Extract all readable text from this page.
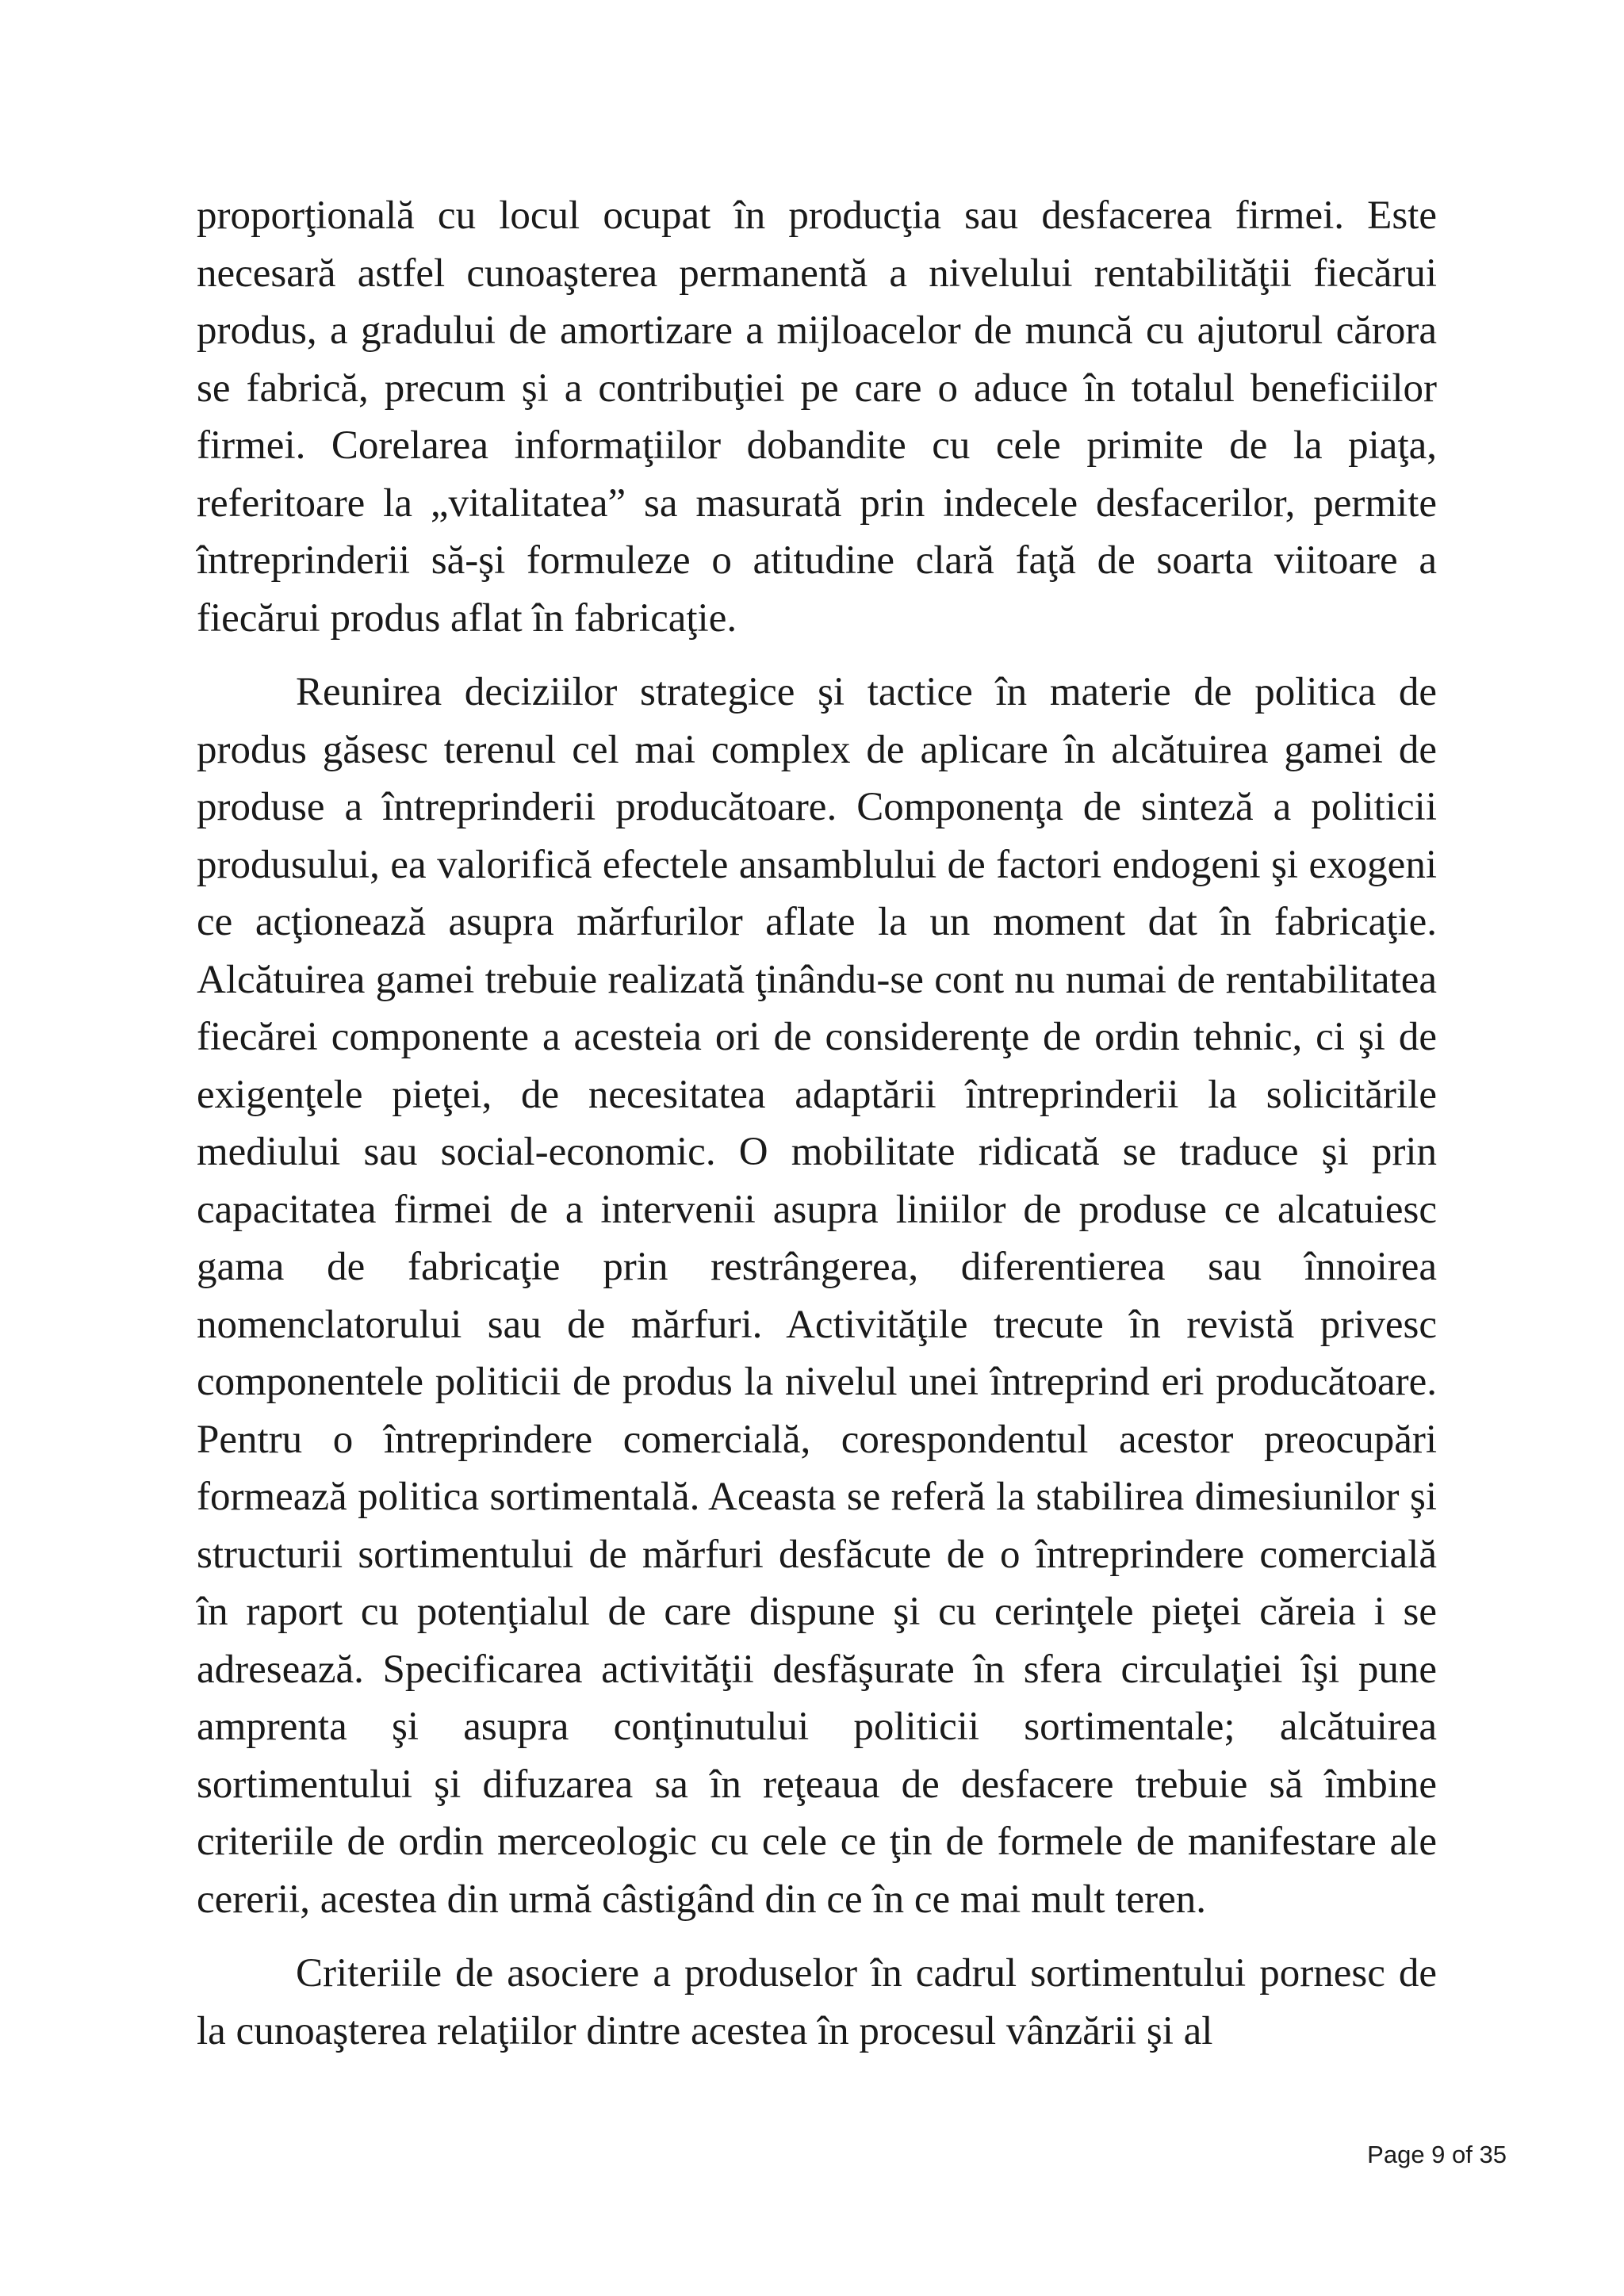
proporţională cu locul ocupat în producţia sau desfacerea firmei. Este necesară astfel cunoaşterea permanentă a nivelului rentabilităţii fiecărui produs, a gradului de amortizare a mijloacelor de muncă cu ajutorul cărora se fabrică, precum şi a contribuţiei pe care o aduce în totalul beneficiilor firmei. Corelarea informaţiilor dobandite cu cele primite de la piaţa, referitoare la „vitalitatea” sa masurată prin indecele desfacerilor, permite întreprinderii să-şi formuleze o atitudine clară faţă de soarta viitoare a fiecărui produs aflat în fabricaţie.

Reunirea deciziilor strategice şi tactice în materie de politica de produs găsesc terenul cel mai complex de aplicare în alcătuirea gamei de produse a întreprinderii producătoare. Componenţa de sinteză a politicii produsului, ea valorifică efectele ansamblului de factori endogeni şi exogeni ce acţionează asupra mărfurilor aflate la un moment dat în fabricaţie. Alcătuirea gamei trebuie realizată ţinându-se cont nu numai de rentabilitatea fiecărei componente a acesteia ori de considerenţe de ordin tehnic, ci şi de exigenţele pieţei, de necesitatea adaptării întreprinderii la solicitările mediului sau social-economic. O mobilitate ridicată se traduce şi prin capacitatea firmei de a intervenii asupra liniilor de produse ce alcatuiesc gama de fabricaţie prin restrângerea, diferentierea sau înnoirea nomenclatorului sau de mărfuri. Activităţile trecute în revistă privesc componentele politicii de produs la nivelul unei întreprind eri producătoare. Pentru o întreprindere comercială, corespondentul acestor preocupări formează politica sortimentală. Aceasta se referă la stabilirea dimesiunilor şi structurii sortimentului de mărfuri desfăcute de o întreprindere comercială în raport cu potenţialul de care dispune şi cu cerinţele pieţei căreia i se adresează. Specificarea activităţii desfăşurate în sfera circulaţiei îşi pune amprenta şi asupra conţinutului politicii sortimentale; alcătuirea sortimentului şi difuzarea sa în reţeaua de desfacere trebuie să îmbine criteriile de ordin merceologic cu cele ce ţin de formele de manifestare ale cererii, acestea din urmă câstigând din ce în ce mai mult teren.

Criteriile de asociere a produselor în cadrul sortimentului pornesc de la cunoaşterea relaţiilor dintre acestea în procesul vânzării şi al

Page 9 of 35
